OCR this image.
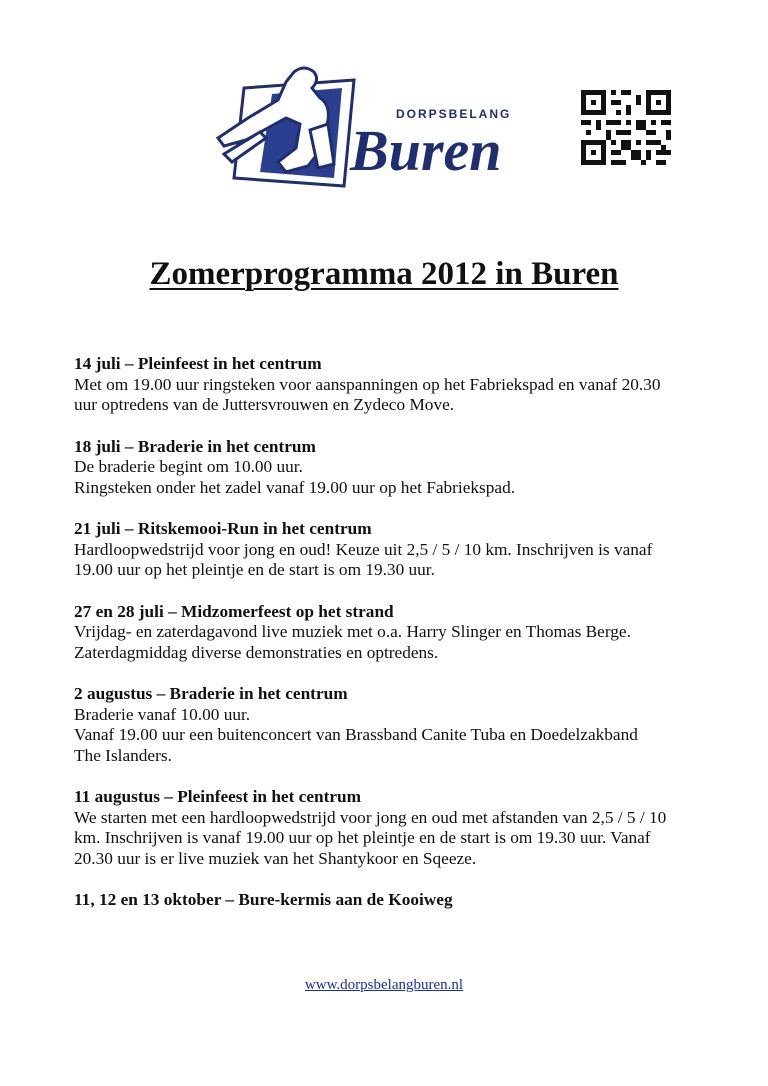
DORPSBELANG
Buren
Zomerprogramma 2012 in Buren
14 juli – Pleinfeest in het centrum
Met om 19.00 uur ringsteken voor aanspanningen op het Fabriekspad en vanaf 20.30
uur optredens van de Juttersvrouwen en Zydeco Move.
18 juli – Braderie in het centrum
De braderie begint om 10.00 uur.
Ringsteken onder het zadel vanaf 19.00 uur op het Fabriekspad.
21 juli – Ritskemooi-Run in het centrum
Hardloopwedstrijd voor jong en oud! Keuze uit 2,5 / 5 / 10 km. Inschrijven is vanaf
19.00 uur op het pleintje en de start is om 19.30 uur.
27 en 28 juli – Midzomerfeest op het strand
Vrijdag- en zaterdagavond live muziek met o.a. Harry Slinger en Thomas Berge.
Zaterdagmiddag diverse demonstraties en optredens.
2 augustus – Braderie in het centrum
Braderie vanaf 10.00 uur.
Vanaf 19.00 uur een buitenconcert van Brassband Canite Tuba en Doedelzakband
The Islanders.
11 augustus – Pleinfeest in het centrum
We starten met een hardloopwedstrijd voor jong en oud met afstanden van 2,5 / 5 / 10
km. Inschrijven is vanaf 19.00 uur op het pleintje en de start is om 19.30 uur. Vanaf
20.30 uur is er live muziek van het Shantykoor en Sqeeze.
11, 12 en 13 oktober – Bure-kermis aan de Kooiweg
www.dorpsbelangburen.nl
